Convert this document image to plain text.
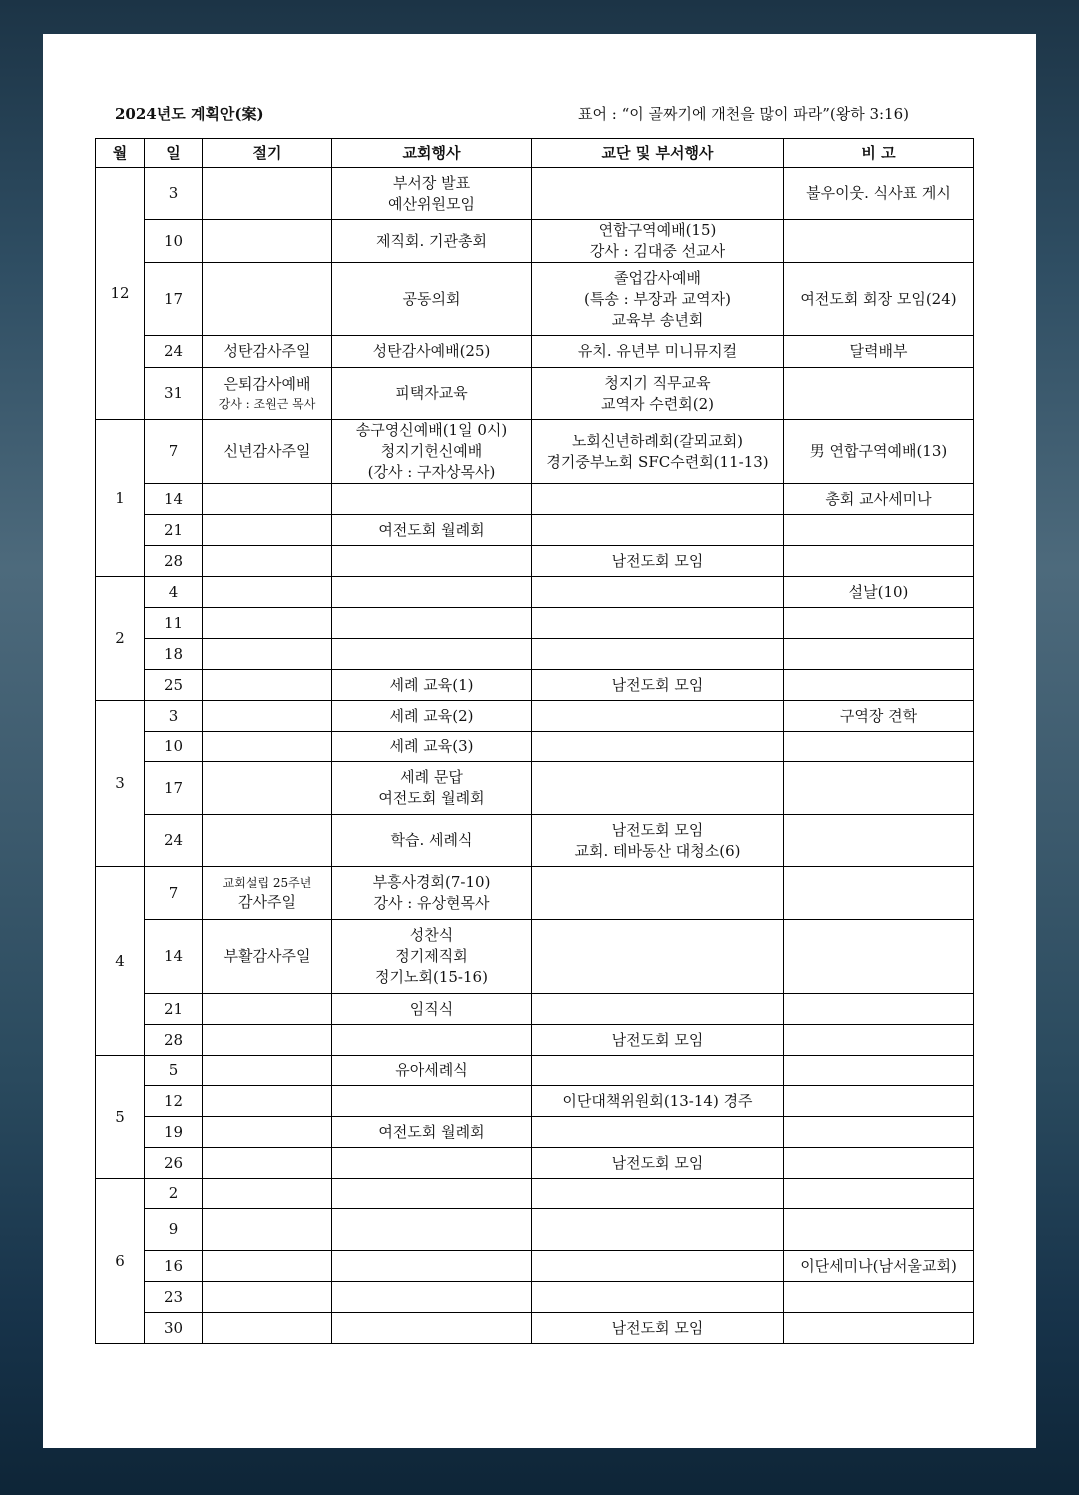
2024년도 계획안(案)	표어 : “이 골짜기에 개천을 많이 파라”(왕하 3:16)
월	일	절기	교회행사	교단 및 부서행사	비 고
12	3		부서장 발표
예산위원모임		불우이웃. 식사표 게시

	10		제직회. 기관총회	연합구역예배(15)
강사 : 김대중 선교사	

	17		공동의회	졸업감사예배
(특송 : 부장과 교역자)
교육부 송년회	여전도회 회장 모임(24)

	24	성탄감사주일	성탄감사예배(25)	유치. 유년부 미니뮤지컬	달력배부

	31	은퇴감사예배
강사 : 조원근 목사	피택자교육	청지기 직무교육
교역자 수련회(2)	

1	7	신년감사주일	송구영신예배(1일 0시)
청지기헌신예배
(강사 : 구자상목사)	노회신년하례회(갈뫼교회)
경기중부노회 SFC수련회(11-13)	男 연합구역예배(13)

	14				총회 교사세미나

	21		여전도회 월례회		

	28			남전도회 모임	

2	4				설날(10)

	11				
	18				
	25		세례 교육(1)	남전도회 모임	

3	3		세례 교육(2)		구역장 견학

	10		세례 교육(3)		

	17		세례 문답
여전도회 월례회		

	24		학습. 세례식	남전도회 모임
교회. 테바동산 대청소(6)	

4	7	교회설립 25주년
감사주일	부흥사경회(7-10)
강사 : 유상현목사		

	14	부활감사주일	성찬식
정기제직회
정기노회(15-16)		

	21		임직식		

	28			남전도회 모임	

5	5		유아세례식		

	12			이단대책위원회(13-14) 경주	

	19		여전도회 월례회		

	26			남전도회 모임	

6	2				
	9				
	16				이단세미나(남서울교회)

	23				
	30			남전도회 모임	
